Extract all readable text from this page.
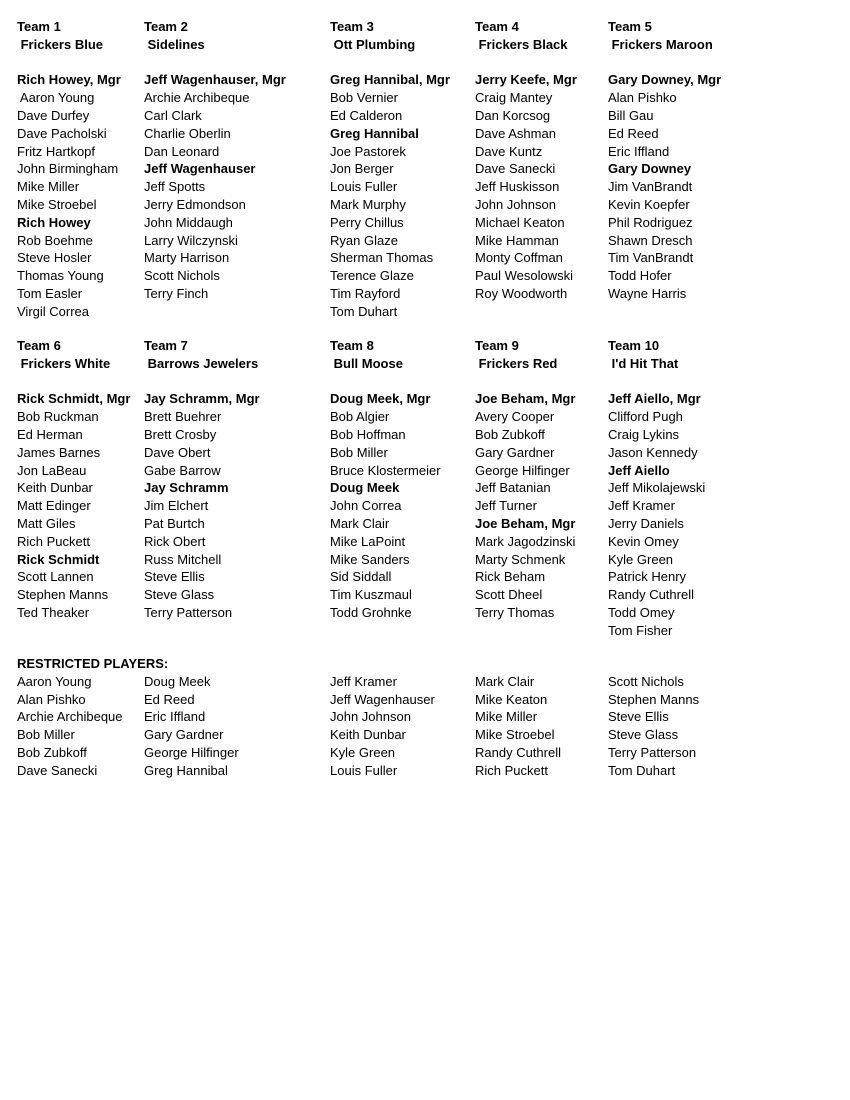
Team 1
Frickers Blue
Rich Howey, Mgr
Aaron Young
Dave Durfey
Dave Pacholski
Fritz Hartkopf
John Birmingham
Mike Miller
Mike Stroebel
Rich Howey
Rob Boehme
Steve Hosler
Thomas Young
Tom Easler
Virgil Correa
Team 2
Sidelines
Jeff Wagenhauser, Mgr
Archie Archibeque
Carl Clark
Charlie Oberlin
Dan Leonard
Jeff Wagenhauser
Jeff Spotts
Jerry Edmondson
John Middaugh
Larry Wilczynski
Marty Harrison
Scott Nichols
Terry Finch
Team 3
Ott Plumbing
Greg Hannibal, Mgr
Bob Vernier
Ed Calderon
Greg Hannibal
Joe Pastorek
Jon Berger
Louis Fuller
Mark Murphy
Perry Chillus
Ryan Glaze
Sherman Thomas
Terence Glaze
Tim Rayford
Tom Duhart
Team 4
Frickers Black
Jerry Keefe, Mgr
Craig Mantey
Dan Korcsog
Dave Ashman
Dave Kuntz
Dave Sanecki
Jeff Huskisson
John Johnson
Michael Keaton
Mike Hamman
Monty Coffman
Paul Wesolowski
Roy Woodworth
Team 5
Frickers Maroon
Gary Downey, Mgr
Alan Pishko
Bill Gau
Ed Reed
Eric Iffland
Gary Downey
Jim VanBrandt
Kevin Koepfer
Phil Rodriguez
Shawn Dresch
Tim VanBrandt
Todd Hofer
Wayne Harris
Team 6
Frickers White
Rick Schmidt, Mgr
Bob Ruckman
Ed Herman
James Barnes
Jon LaBeau
Keith Dunbar
Matt Edinger
Matt Giles
Rich Puckett
Rick Schmidt
Scott Lannen
Stephen Manns
Ted Theaker
Team 7
Barrows Jewelers
Jay Schramm, Mgr
Brett Buehrer
Brett Crosby
Dave Obert
Gabe Barrow
Jay Schramm
Jim Elchert
Pat Burtch
Rick Obert
Russ Mitchell
Steve Ellis
Steve Glass
Terry Patterson
Team 8
Bull Moose
Doug Meek, Mgr
Bob Algier
Bob Hoffman
Bob Miller
Bruce Klostermeier
Doug Meek
John Correa
Mark Clair
Mike LaPoint
Mike Sanders
Sid Siddall
Tim Kuszmaul
Todd Grohnke
Team 9
Frickers Red
Joe Beham, Mgr
Avery Cooper
Bob Zubkoff
Gary Gardner
George Hilfinger
Jeff Batanian
Jeff Turner
Joe Beham, Mgr
Mark Jagodzinski
Marty Schmenk
Rick Beham
Scott Dheel
Terry Thomas
Team 10
I'd Hit That
Jeff Aiello, Mgr
Clifford Pugh
Craig Lykins
Jason Kennedy
Jeff Aiello
Jeff Mikolajewski
Jeff Kramer
Jerry Daniels
Kevin Omey
Kyle Green
Patrick Henry
Randy Cuthrell
Todd Omey
Tom Fisher
RESTRICTED PLAYERS:
Aaron Young
Alan Pishko
Archie Archibeque
Bob Miller
Bob Zubkoff
Dave Sanecki
Doug Meek
Ed Reed
Eric Iffland
Gary Gardner
George Hilfinger
Greg Hannibal
Jeff Kramer
Jeff Wagenhauser
John Johnson
Keith Dunbar
Kyle Green
Louis Fuller
Mark Clair
Mike Keaton
Mike Miller
Mike Stroebel
Randy Cuthrell
Rich Puckett
Scott Nichols
Stephen Manns
Steve Ellis
Steve Glass
Terry Patterson
Tom Duhart
